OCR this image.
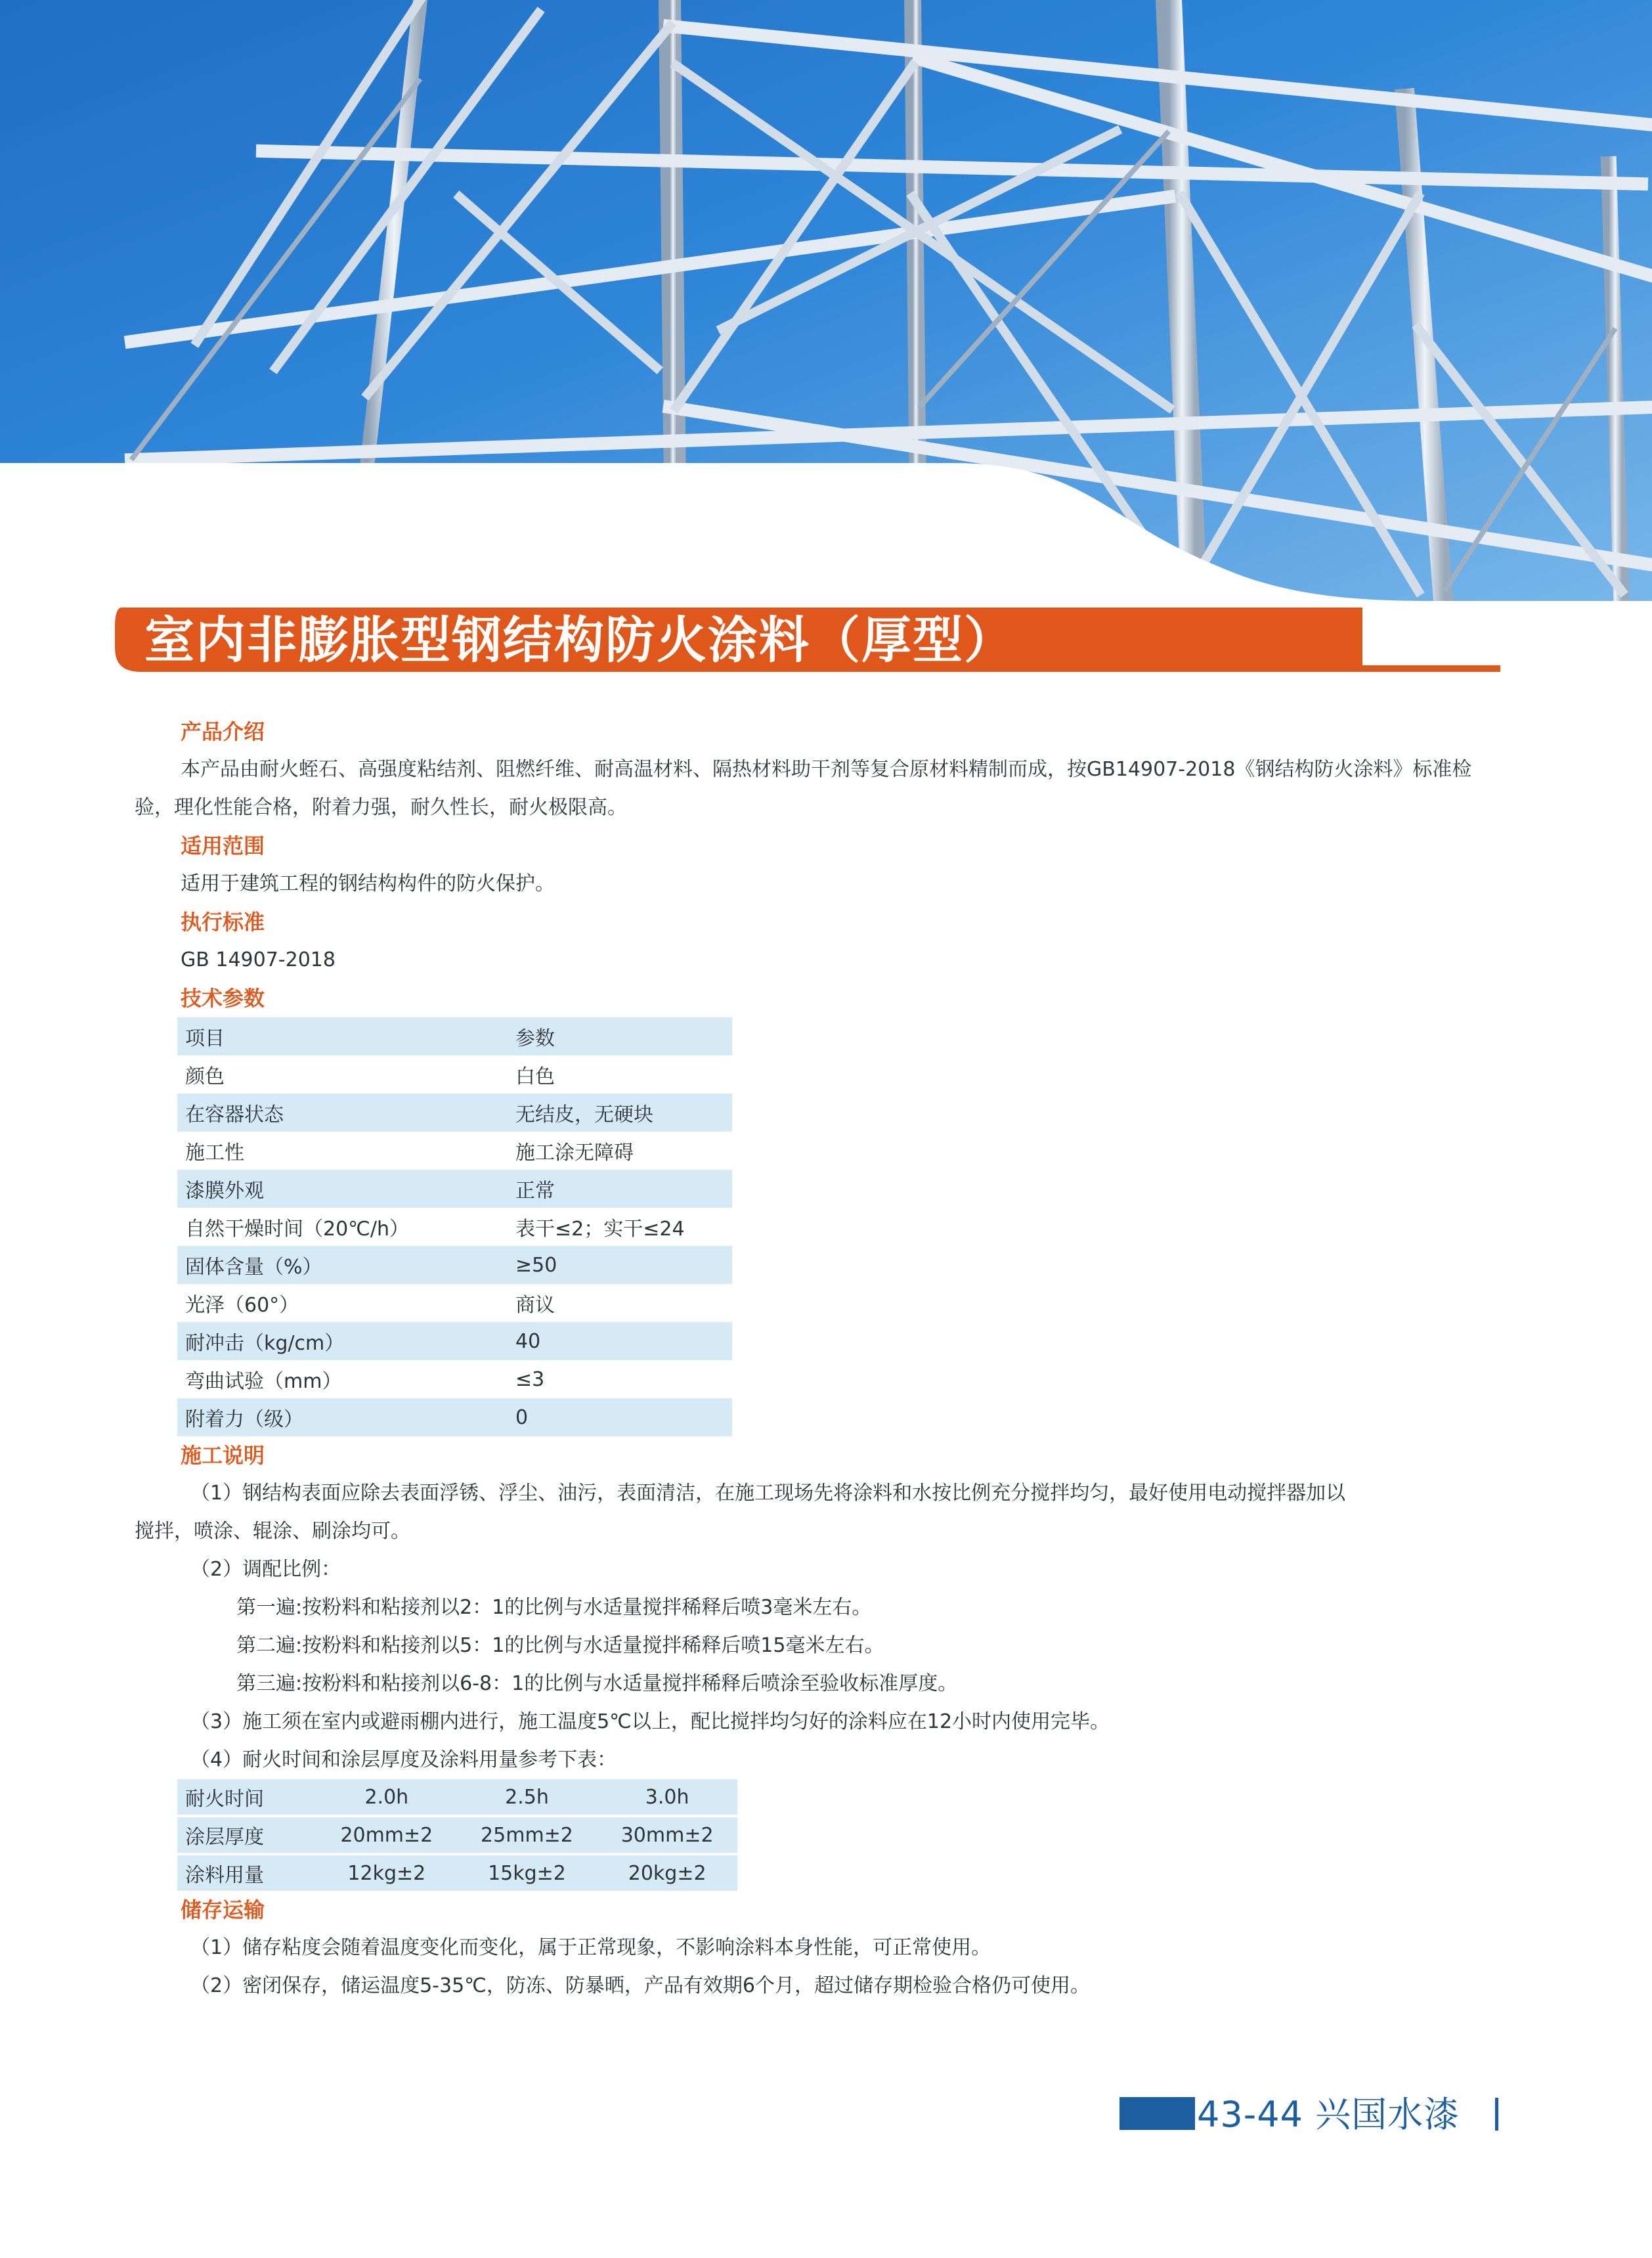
室内非膨胀型钢结构防火涂料（厚型）
产品介绍
本产品由耐火蛭石、高强度粘结剂、阻燃纤维、耐高温材料、隔热材料助干剂等复合原材料精制而成，按GB14907-2018《钢结构防火涂料》标准检验，理化性能合格，附着力强，耐久性长，耐火极限高。
适用范围
适用于建筑工程的钢结构构件的防火保护。
执行标准
GB 14907-2018
技术参数
项目	参数
颜色	白色
在容器状态	无结皮，无硬块
施工性	施工涂无障碍
漆膜外观	正常
自然干燥时间（20℃/h）	表干≤2；实干≤24
固体含量（%）	≥50
光泽（60°）	商议
耐冲击（kg/cm）	40
弯曲试验（mm）	≤3
附着力（级）	0
施工说明
（1）钢结构表面应除去表面浮锈、浮尘、油污，表面清洁，在施工现场先将涂料和水按比例充分搅拌均匀，最好使用电动搅拌器加以
搅拌，喷涂、辊涂、刷涂均可。
（2）调配比例：
第一遍:按粉料和粘接剂以2：1的比例与水适量搅拌稀释后喷3毫米左右。
第二遍:按粉料和粘接剂以5：1的比例与水适量搅拌稀释后喷15毫米左右。
第三遍:按粉料和粘接剂以6-8：1的比例与水适量搅拌稀释后喷涂至验收标准厚度。
（3）施工须在室内或避雨棚内进行，施工温度5℃以上，配比搅拌均匀好的涂料应在12小时内使用完毕。
（4）耐火时间和涂层厚度及涂料用量参考下表：
耐火时间	2.0h	2.5h	3.0h
涂层厚度	20mm±2	25mm±2	30mm±2
涂料用量	12kg±2	15kg±2	20kg±2
储存运输
（1）储存粘度会随着温度变化而变化，属于正常现象，不影响涂料本身性能，可正常使用。
（2）密闭保存，储运温度5-35℃，防冻、防暴晒，产品有效期6个月，超过储存期检验合格仍可使用。
43-44 兴国水漆
